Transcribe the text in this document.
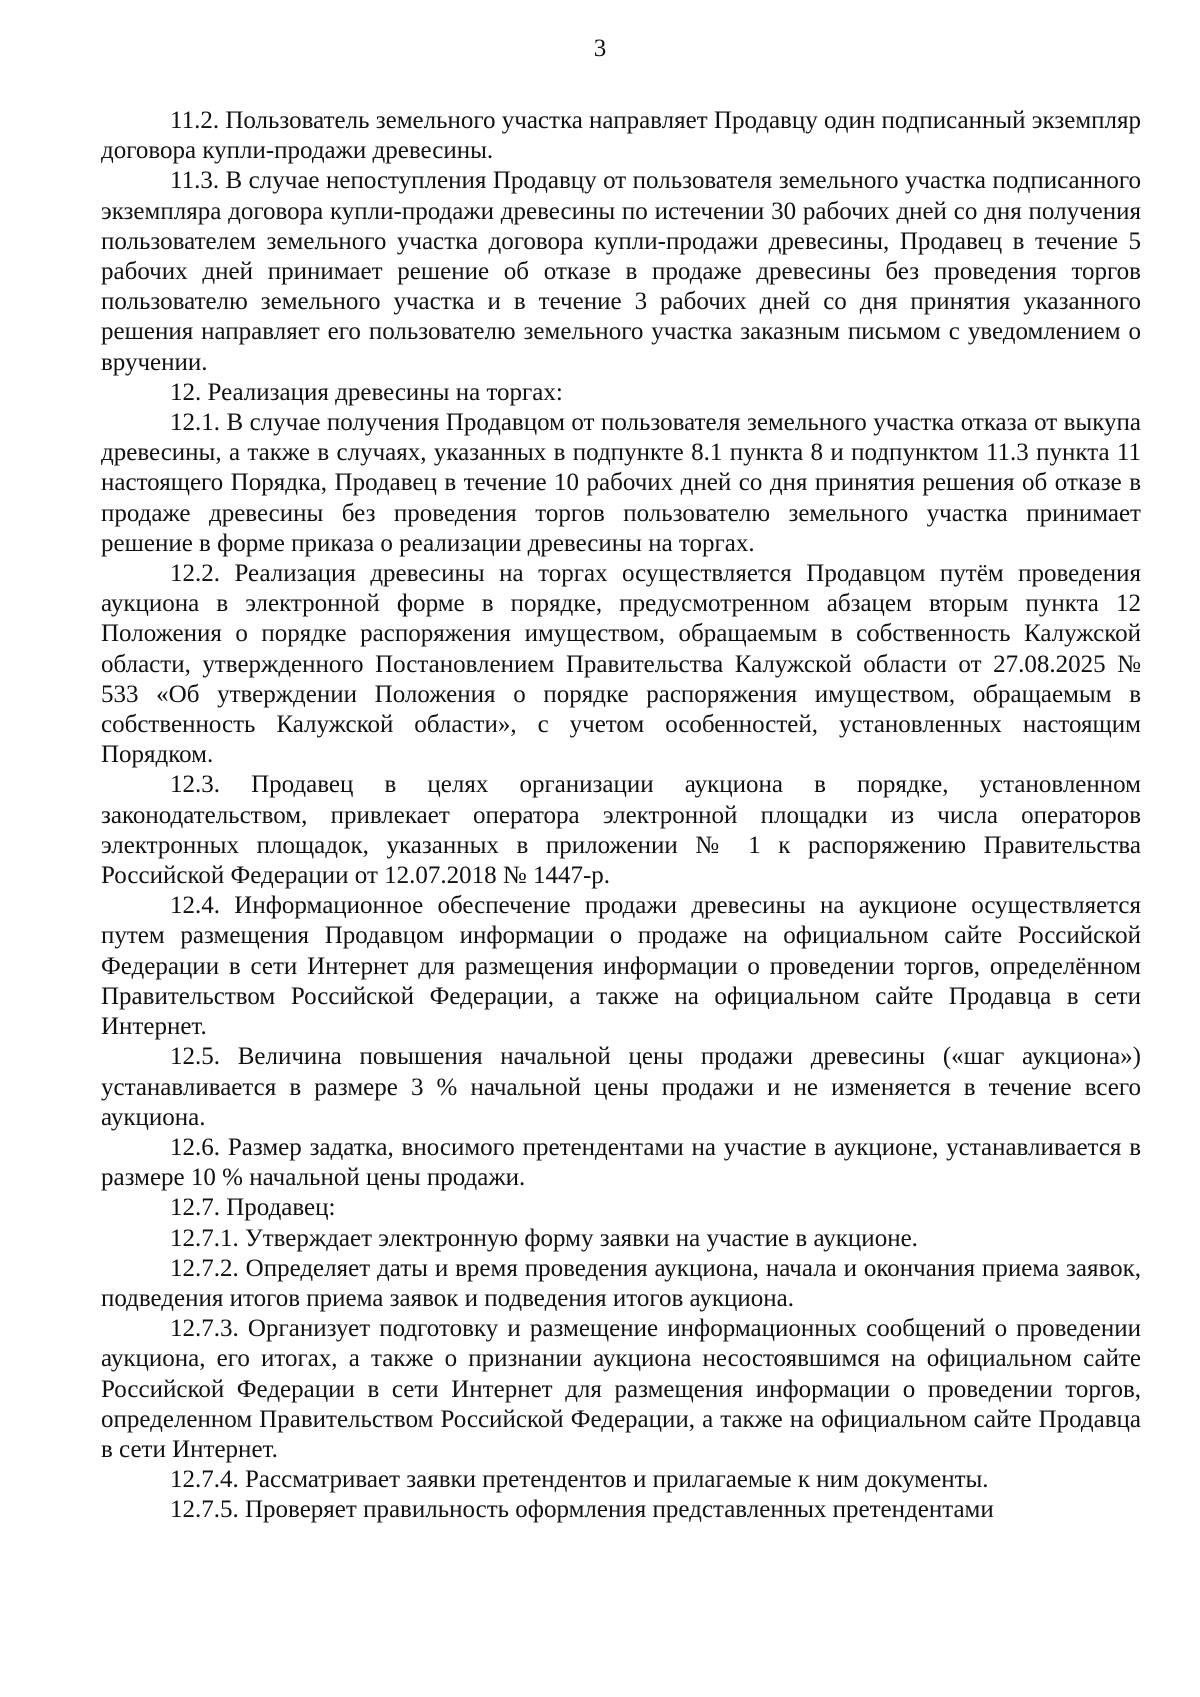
3

11.2. Пользователь земельного участка направляет Продавцу один подписанный экземпляр договора купли-продажи древесины.

11.3. В случае непоступления Продавцу от пользователя земельного участка подписанного экземпляра договора купли-продажи древесины по истечении 30 рабочих дней со дня получения пользователем земельного участка договора купли-продажи древесины, Продавец в течение 5 рабочих дней принимает решение об отказе в продаже древесины без проведения торгов пользователю земельного участка и в течение 3 рабочих дней со дня принятия указанного решения направляет его пользователю земельного участка заказным письмом с уведомлением о вручении.

12. Реализация древесины на торгах:

12.1. В случае получения Продавцом от пользователя земельного участка отказа от выкупа древесины, а также в случаях, указанных в подпункте 8.1 пункта 8 и подпунктом 11.3 пункта 11 настоящего Порядка, Продавец в течение 10 рабочих дней со дня принятия решения об отказе в продаже древесины без проведения торгов пользователю земельного участка принимает решение в форме приказа о реализации древесины на торгах.

12.2. Реализация древесины на торгах осуществляется Продавцом путём проведения аукциона в электронной форме в порядке, предусмотренном абзацем вторым пункта 12 Положения о порядке распоряжения имуществом, обращаемым в собственность Калужской области, утвержденного Постановлением Правительства Калужской области от 27.08.2025 № 533 «Об утверждении Положения о порядке распоряжения имуществом, обращаемым в собственность Калужской области», с учетом особенностей, установленных настоящим Порядком.

12.3. Продавец в целях организации аукциона в порядке, установленном законодательством, привлекает оператора электронной площадки из числа операторов электронных площадок, указанных в приложении № 1 к распоряжению Правительства Российской Федерации от 12.07.2018 № 1447-р.

12.4. Информационное обеспечение продажи древесины на аукционе осуществляется путем размещения Продавцом информации о продаже на официальном сайте Российской Федерации в сети Интернет для размещения информации о проведении торгов, определённом Правительством Российской Федерации, а также на официальном сайте Продавца в сети Интернет.

12.5. Величина повышения начальной цены продажи древесины («шаг аукциона») устанавливается в размере 3 % начальной цены продажи и не изменяется в течение всего аукциона.

12.6. Размер задатка, вносимого претендентами на участие в аукционе, устанавливается в размере 10 % начальной цены продажи.

12.7. Продавец:

12.7.1. Утверждает электронную форму заявки на участие в аукционе.

12.7.2. Определяет даты и время проведения аукциона, начала и окончания приема заявок, подведения итогов приема заявок и подведения итогов аукциона.

12.7.3. Организует подготовку и размещение информационных сообщений о проведении аукциона, его итогах, а также о признании аукциона несостоявшимся на официальном сайте Российской Федерации в сети Интернет для размещения информации о проведении торгов, определенном Правительством Российской Федерации, а также на официальном сайте Продавца в сети Интернет.

12.7.4. Рассматривает заявки претендентов и прилагаемые к ним документы.

12.7.5. Проверяет правильность оформления представленных претендентами
